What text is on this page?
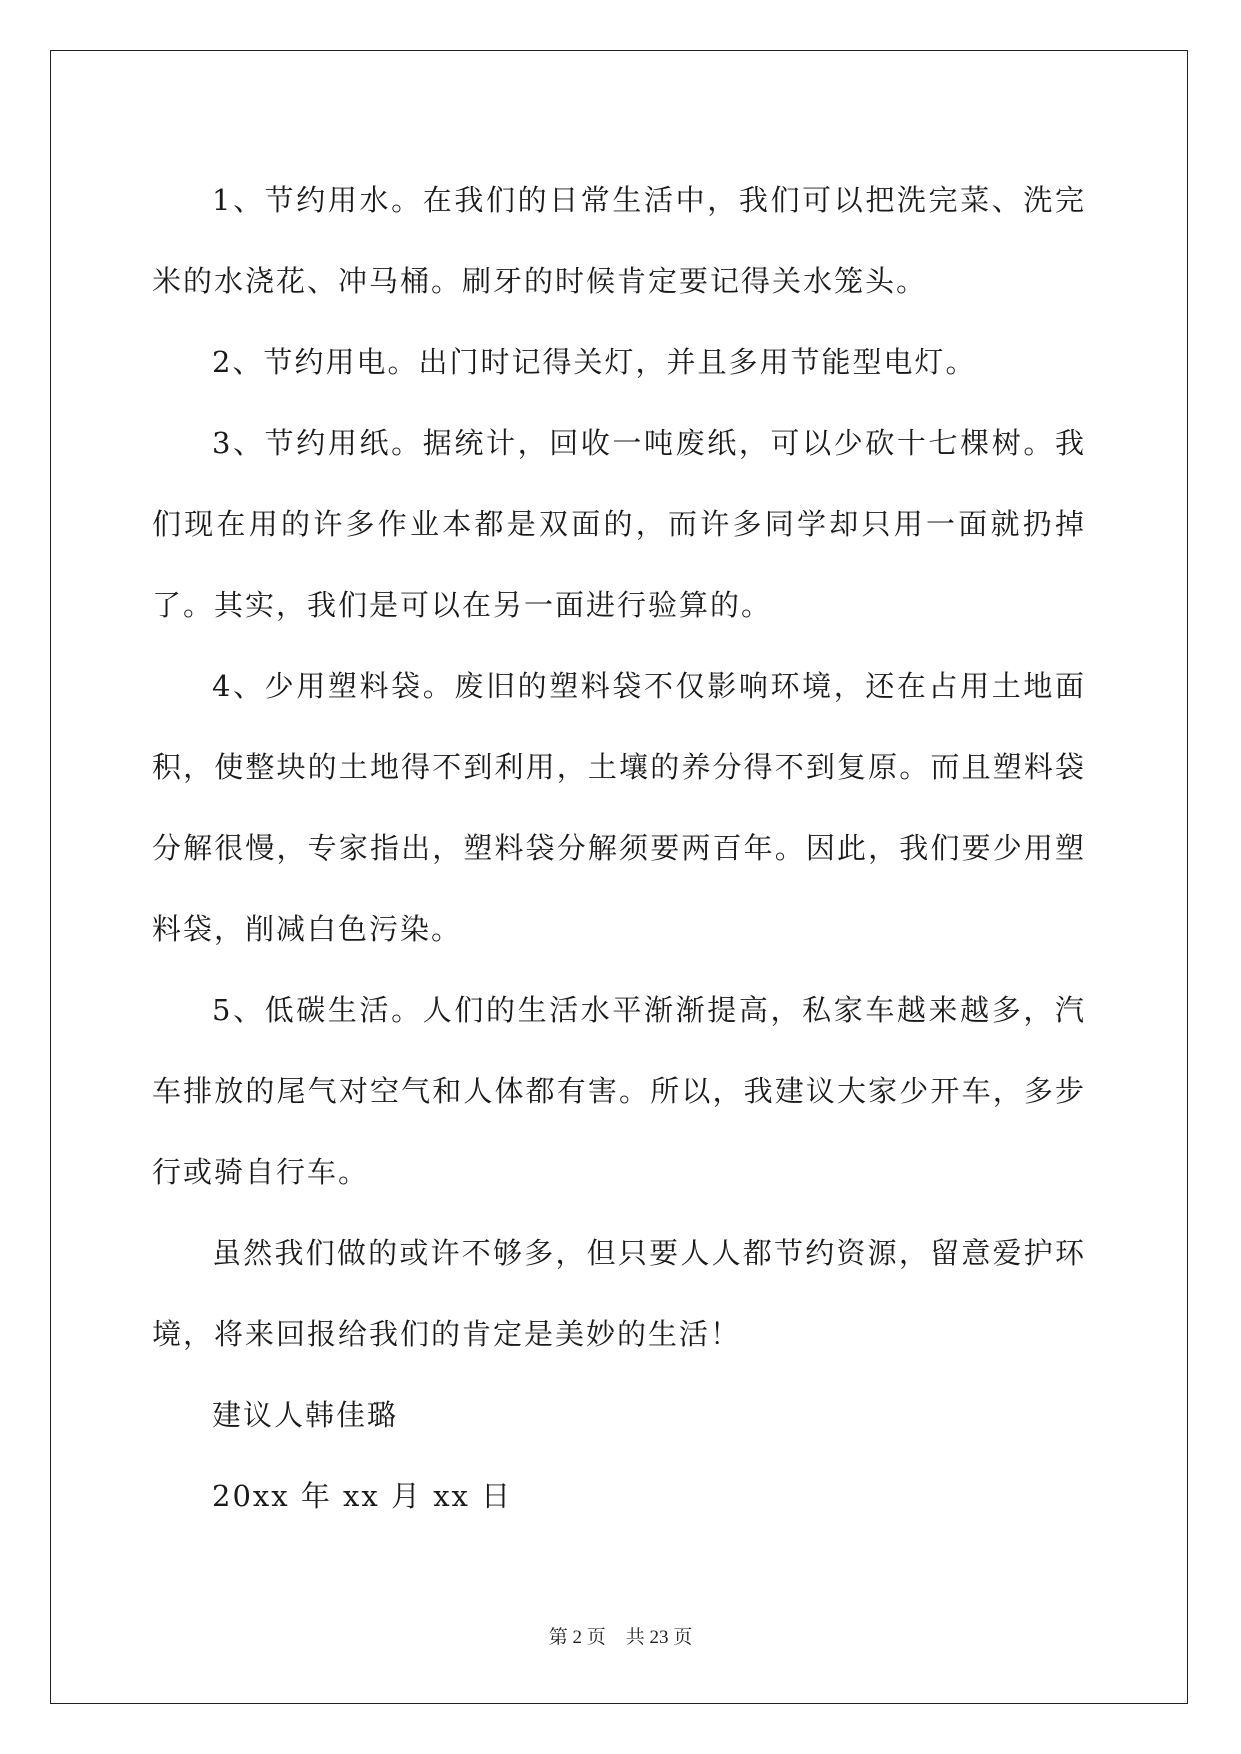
1、节约用水。在我们的日常生活中，我们可以把洗完菜、洗完米的水浇花、冲马桶。刷牙的时候肯定要记得关水笼头。

2、节约用电。出门时记得关灯，并且多用节能型电灯。

3、节约用纸。据统计，回收一吨废纸，可以少砍十七棵树。我们现在用的许多作业本都是双面的，而许多同学却只用一面就扔掉了。其实，我们是可以在另一面进行验算的。

4、少用塑料袋。废旧的塑料袋不仅影响环境，还在占用土地面积，使整块的土地得不到利用，土壤的养分得不到复原。而且塑料袋分解很慢，专家指出，塑料袋分解须要两百年。因此，我们要少用塑料袋，削减白色污染。

5、低碳生活。人们的生活水平渐渐提高，私家车越来越多，汽车排放的尾气对空气和人体都有害。所以，我建议大家少开车，多步行或骑自行车。

虽然我们做的或许不够多，但只要人人都节约资源，留意爱护环境，将来回报给我们的肯定是美妙的生活！

建议人韩佳璐

20xx 年 xx 月 xx 日

第 2 页 共 23 页
